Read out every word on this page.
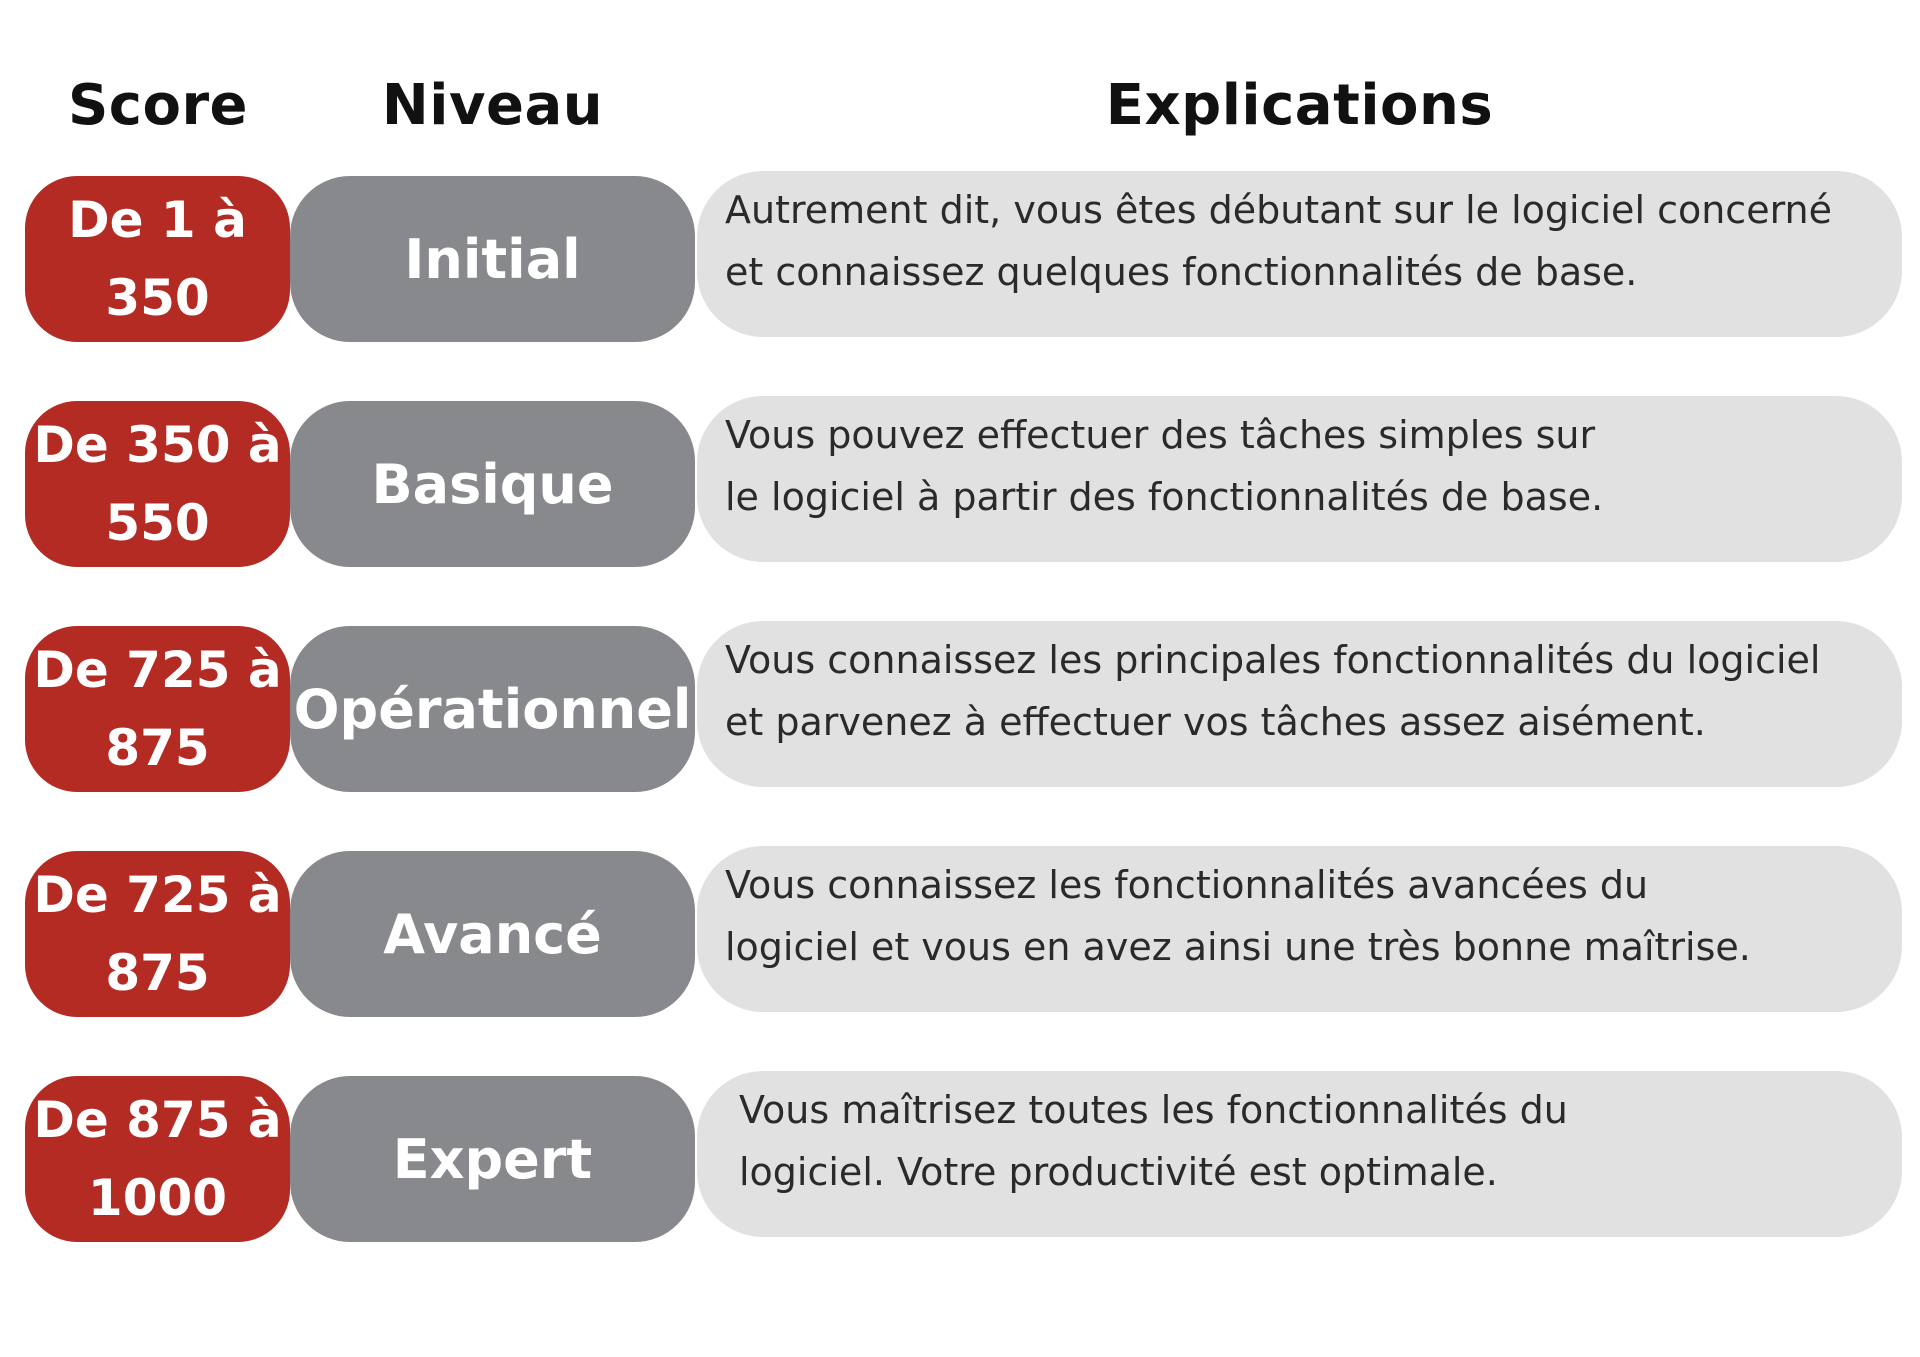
Score	Niveau	Explications
De 1 à
350
Initial
Autrement dit, vous êtes débutant sur le logiciel concerné
et connaissez quelques fonctionnalités de base.
De 350 à
550
Basique
Vous pouvez effectuer des tâches simples sur
le logiciel à partir des fonctionnalités de base.
De 725 à
875
Opérationnel
Vous connaissez les principales fonctionnalités du logiciel
et parvenez à effectuer vos tâches assez aisément.
De 725 à
875
Avancé
Vous connaissez les fonctionnalités avancées du
logiciel et vous en avez ainsi une très bonne maîtrise.
De 875 à
1000
Expert
Vous maîtrisez toutes les fonctionnalités du
logiciel. Votre productivité est optimale.
